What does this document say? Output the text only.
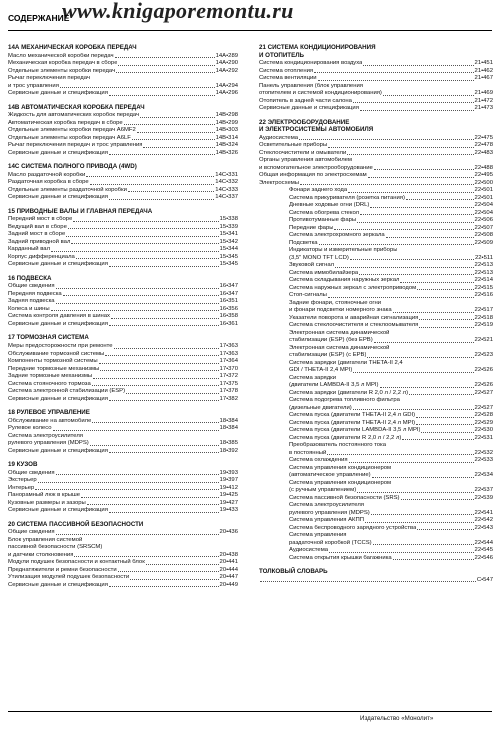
www.knigaporemontu.ru
СОДЕРЖАНИЕ
14А МЕХАНИЧЕСКАЯ КОРОБКА ПЕРЕДАЧ
Масло механической коробки передач	14А•289
Механическая коробка передач в сборе	14А•290
Отдельные элементы коробки передач	14А•292
Рычаг переключения передач
и трос управления	14А•294
Сервисные данные и спецификация	14А•296
14В АВТОМАТИЧЕСКАЯ КОРОБКА ПЕРЕДАЧ
Жидкость для автоматических коробок передач	14В•298
Автоматическая коробка передач в сборе	14В•299
Отдельные элементы коробки передач A6MF2	14В•303
Отдельные элементы коробки передач A6LF	14В•314
Рычаг переключения передач и трос управления	14В•324
Сервисные данные и спецификация	14В•326
14С СИСТЕМА ПОЛНОГО ПРИВОДА (4WD)
Масло раздаточной коробки	14С•331
Раздаточная коробка в сборе	14С•332
Отдельные элементы раздаточной коробки	14С•333
Сервисные данные и спецификация	14С•337
15 ПРИВОДНЫЕ ВАЛЫ И ГЛАВНАЯ ПЕРЕДАЧА
Передний мост в сборе	15•338
Ведущий вал в сборе	15•339
Задний мост в сборе	15•341
Задний приводной вал	15•342
Карданный вал	15•344
Корпус дифференциала	15•345
Сервисные данные и спецификация	15•345
16 ПОДВЕСКА
Общие сведения	16•347
Передняя подвеска	16•347
Задняя подвеска	16•351
Колеса и шины	16•356
Система контроля давления в шинах	16•358
Сервисные данные и спецификация	16•361
17 ТОРМОЗНАЯ СИСТЕМА
Меры предосторожности при ремонте	17•363
Обслуживание тормозной системы	17•363
Компоненты тормозной системы	17•364
Передние тормозные механизмы	17•370
Задние тормозные механизмы	17•372
Система стояночного тормоза	17•375
Система электронной стабилизации (ESP)	17•378
Сервисные данные и спецификация	17•382
18 РУЛЕВОЕ УПРАВЛЕНИЕ
Обслуживание на автомобиле	18•384
Рулевое колесо	18•384
Система электроусилителя
рулевого управления (MDPS)	18•385
Сервисные данные и спецификация	18•392
19 КУЗОВ
Общие сведения	19•393
Экстерьер	19•397
Интерьер	19•412
Панорамный люк в крыше	19•425
Кузовные размеры и зазоры	19•427
Сервисные данные и спецификация	19•433
20 СИСТЕМА ПАССИВНОЙ БЕЗОПАСНОСТИ
Общие сведения	20•436
Блок управления системой
пассивной безопасности (SRSCM)
и датчики столкновения	20•438
Модули подушек безопасности и контактный блок	20•441
Преднатяжители и ремни безопасности	20•444
Утилизация модулей подушек безопасности	20•447
Сервисные данные и спецификация	20•449
21 СИСТЕМА КОНДИЦИОНИРОВАНИЯ
И ОТОПИТЕЛЬ
Система кондиционирования воздуха	21•451
Система отопления	21•462
Система вентиляции	21•467
Панель управления (блок управления
отопителем и системой кондиционирования)	21•469
Отопитель в задней части салона	21•472
Сервисные данные и спецификация	21•473
22 ЭЛЕКТРООБОРУДОВАНИЕ
И ЭЛЕКТРОСИСТЕМЫ АВТОМОБИЛЯ
Аудиосистема	22•475
Осветительные приборы	22•478
Стеклоочистители и омыватели	22•483
Органы управления автомобилем
и вспомогательное электрооборудование	22•488
Общая информация по электросхемам	22•495
Электросхемы	22•500
Фонари заднего хода	22•501
Система прикуривателя (розетка питания)	22•501
Дневные ходовые огни (DRL)	22•504
Система обогрева стекол	22•504
Противотуманные фары	22•506
Передние фары	22•507
Система электрохромного зеркала	22•508
Подсветка	22•509
Индикаторы и измерительные приборы
(3,5" MONO TFT LCD)	22•511
Звуковой сигнал	22•513
Система иммобилайзера	22•513
Система складывания наружных зеркал	22•514
Система наружных зеркал с электроприводом	22•515
Стоп-сигналы	22•516
Задние фонари, стояночные огни
и фонари подсветки номерного знака	22•517
Указатели поворота и аварийная сигнализация	22•518
Система стеклоочистителя и стеклоомывателя	22•519
Электронная система динамической
стабилизации (ESP) (без EPB)	22•521
Электронная система динамической
стабилизации (ESP) (с EPB)	22•523
Система зарядки (двигатели THETA-II 2,4
GDI / THETA-II 2,4 MPI)	22•526
Система зарядки
(двигатели LAMBDA-II 3,5 л MPI)	22•526
Система зарядки (двигатели R 2,0 л / 2,2 л)	22•527
Система подогрева топливного фильтра
(дизельные двигатели)	22•527
Система пуска (двигатели THETA-II 2,4 л GDI)	22•528
Система пуска (двигатели THETA-II 2,4 л MPI)	22•529
Система пуска (двигатели LAMBDA-II 3,5 л MPI)	22•530
Система пуска (двигатели R 2,0 л / 2,2 л)	22•531
Преобразователь постоянного тока
в постоянный	22•532
Система охлаждения	22•533
Система управления кондиционером
(автоматическое управление)	22•534
Система управления кондиционером
(с ручным управлением)	22•537
Система пассивной безопасности (SRS)	22•539
Система электроусилителя
рулевого управления (MDPS)	22•541
Система управления АКПП	22•542
Система беспроводного зарядного устройства	22•543
Система управления
раздаточной коробкой (TCCS)	22•544
Аудиосистема	22•545
Система открытия крышки багажника	22•546
ТОЛКОВЫЙ СЛОВАРЬ
С•547
Издательство «Монолит»
